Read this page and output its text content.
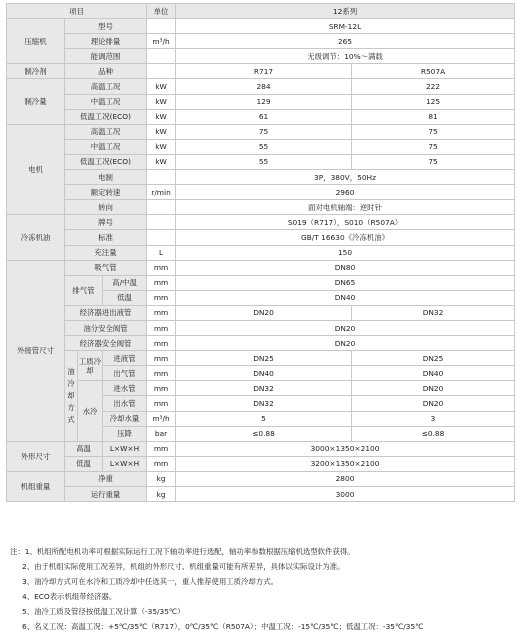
项目				单位	12系列	
压缩机	型号				SRM-12L	
	理论排量			m³/h	265	
	能调范围				无级调节：10%～满载	
制冷剂	品种				R717	R507A
制冷量	高温工况			kW	284	222
	中温工况			kW	129	125
	低温工况(ECO)			kW	61	81
电机	高温工况			kW	75	75
	中温工况			kW	55	75
	低温工况(ECO)			kW	55	75
	电制				3P，380V，50Hz	
	额定转速			r/min	2960	
	转向				面对电机轴端：逆时针	
冷冻机油	牌号				S019（R717），S010（R507A）	
	标准				GB/T 16630《冷冻机油》	
	充注量			L	150	
外接管尺寸	吸气管			mm	DN80	
	排气管		高/中温	mm	DN65	
			低温	mm	DN40	
	经济器进出液管			mm	DN20	DN32
	油分安全阀管			mm	DN20	
	经济器安全阀管			mm	DN20	
	油冷却方式	工质冷却	进液管	mm	DN25	DN25
			出气管	mm	DN40	DN40
		水冷	进水管	mm	DN32	DN20
			出水管	mm	DN32	DN20
			冷却水量	m³/h	5	3
			压降	bar	≤0.88	≤0.88
外形尺寸	高温		L×W×H	mm	3000×1350×2100	
	低温		L×W×H	mm	3200×1350×2100	
机组重量	净重			kg	2800	
	运行重量			kg	3000	
注：1、机组所配电机功率可根据实际运行工况下轴功率进行选配，轴功率参数根据压缩机选型软件获得。
2、由于机组实际使用工况差异，机组的外形尺寸、机组重量可能有所差异，具体以实际设计为准。
3、油冷却方式可在水冷和工质冷却中任选其一，重人推荐使用工质冷却方式。
4、ECO表示机组带经济器。
5、油冷工质及管径按低温工况计算（-35/35℃）
6、名义工况：高温工况：+5℃/35℃（R717），0℃/35℃（R507A）；中温工况：-15℃/35℃；低温工况：-35℃/35℃
